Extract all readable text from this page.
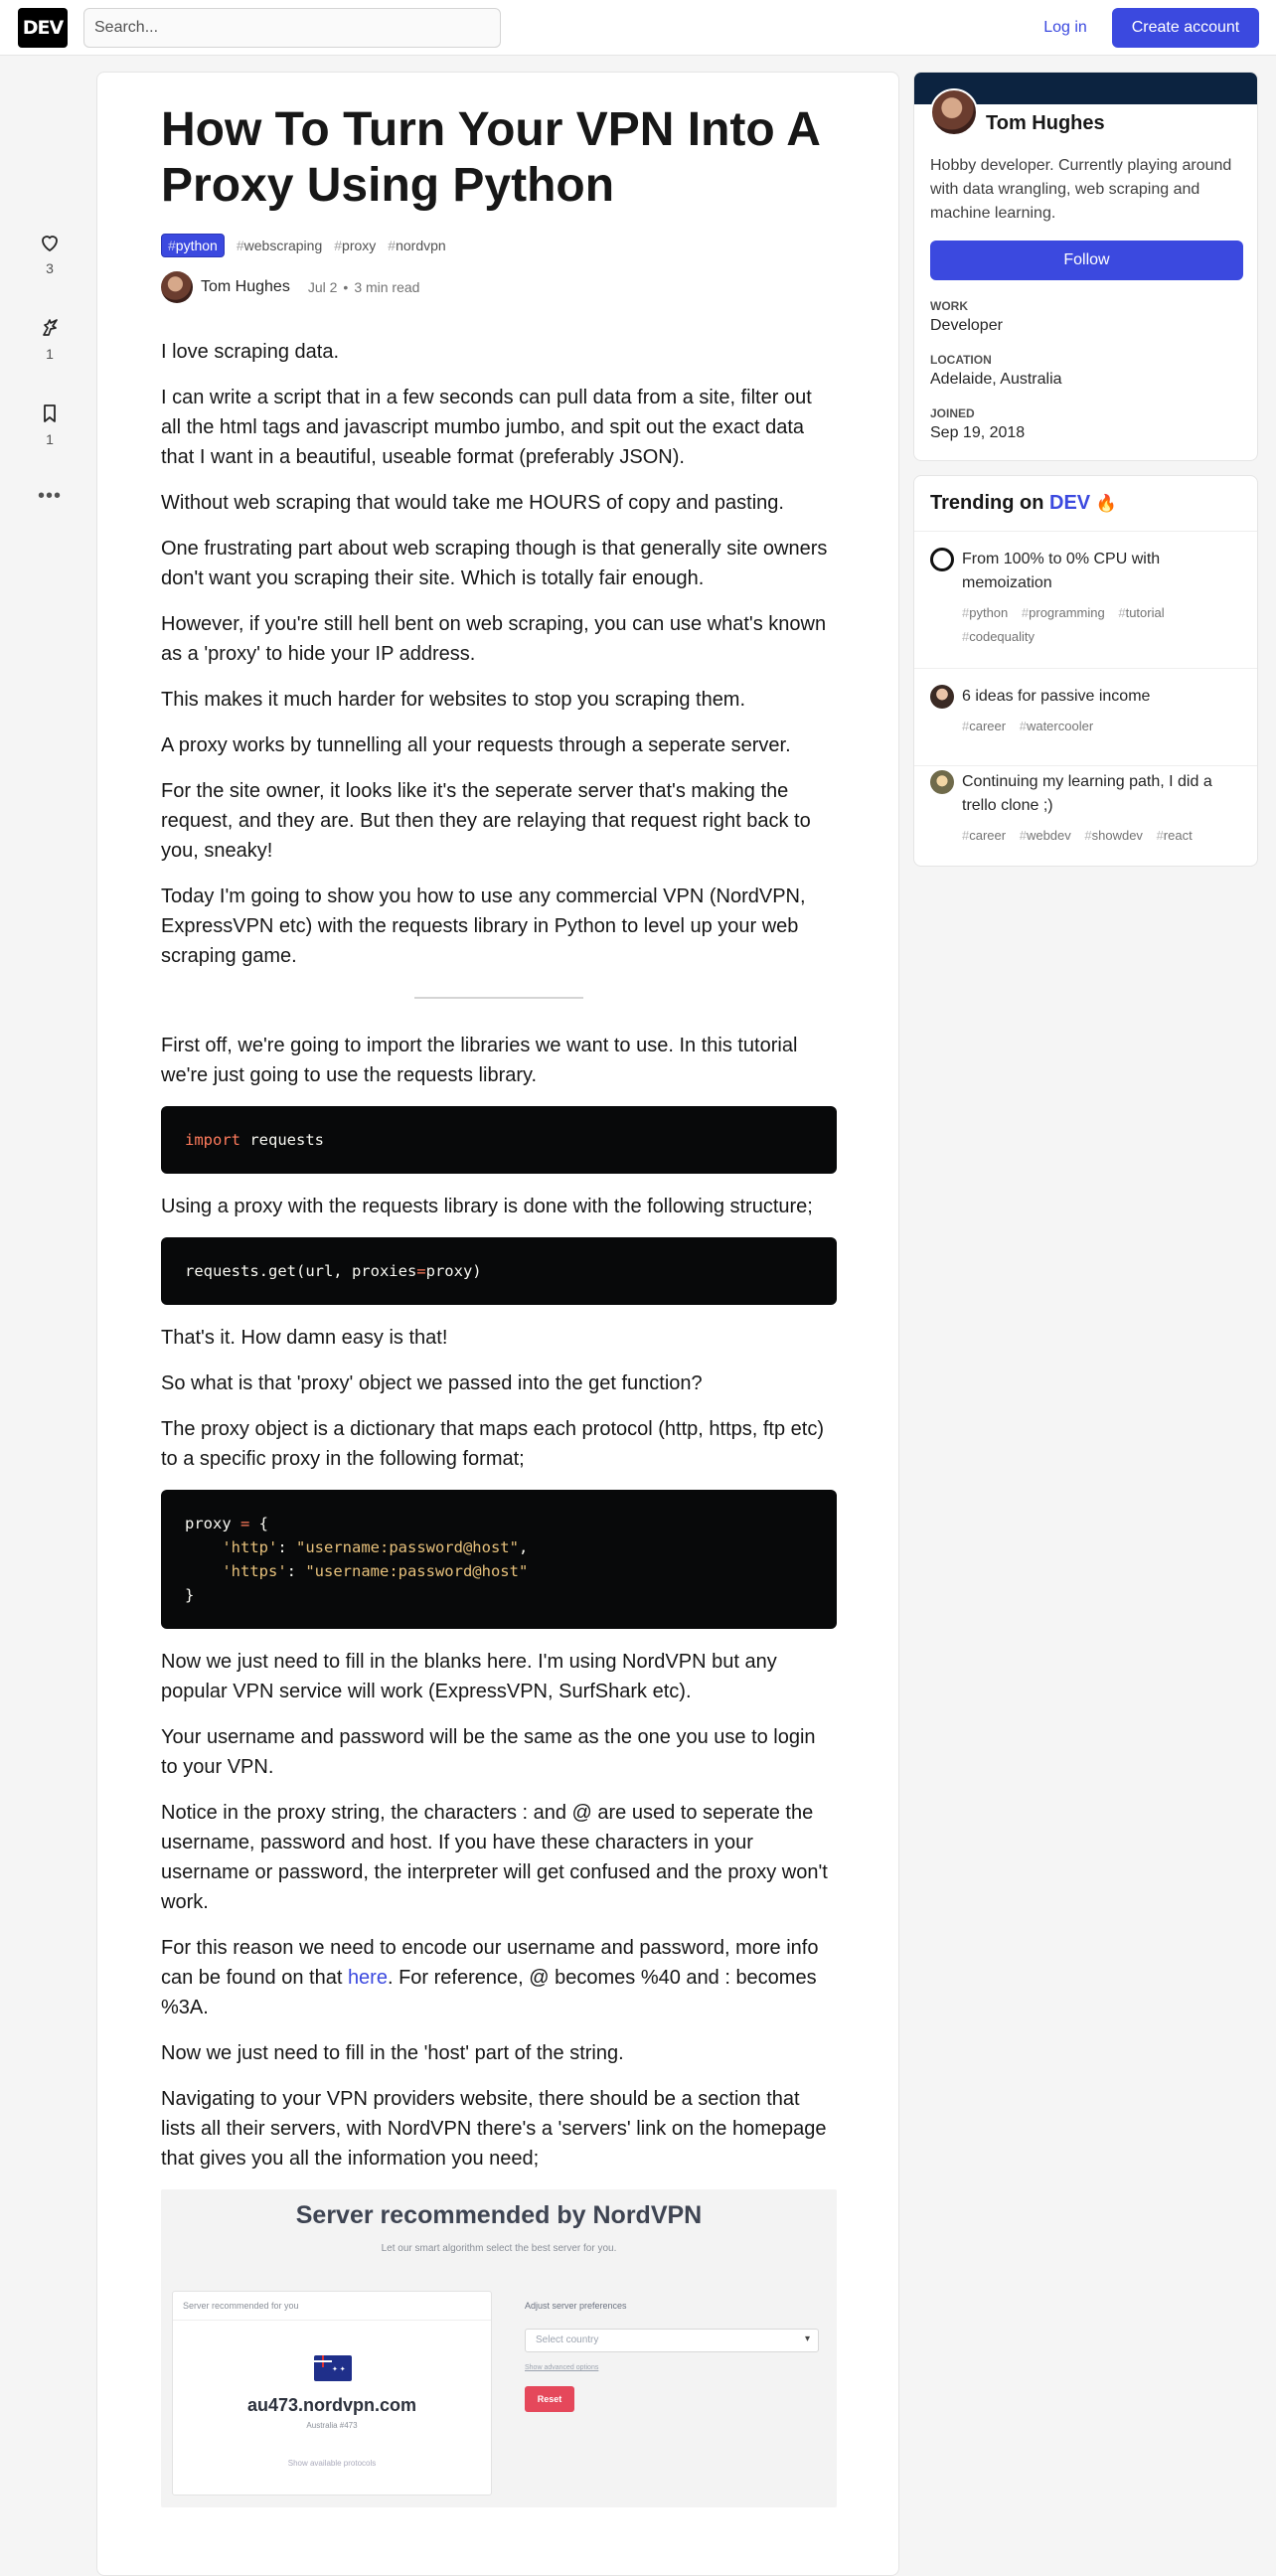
DEV
Search...	Log in	Create account
3
1
1
•••
How To Turn Your VPN Into A Proxy Using Python
#python	#webscraping #proxy #nordvpn
Tom Hughes Jul 2 • 3 min read

I love scraping data.

I can write a script that in a few seconds can pull data from a site, filter out all the html tags and javascript mumbo jumbo, and spit out the exact data that I want in a beautiful, useable format (preferably JSON).

Without web scraping that would take me HOURS of copy and pasting.

One frustrating part about web scraping though is that generally site owners don't want you scraping their site. Which is totally fair enough.

However, if you're still hell bent on web scraping, you can use what's known as a 'proxy' to hide your IP address.

This makes it much harder for websites to stop you scraping them.

A proxy works by tunnelling all your requests through a seperate server.

For the site owner, it looks like it's the seperate server that's making the request, and they are. But then they are relaying that request right back to you, sneaky!

Today I'm going to show you how to use any commercial VPN (NordVPN, ExpressVPN etc) with the requests library in Python to level up your web scraping game.

First off, we're going to import the libraries we want to use. In this tutorial we're just going to use the requests library.

import requests

Using a proxy with the requests library is done with the following structure;

requests.get(url, proxies=proxy)

That's it. How damn easy is that!

So what is that 'proxy' object we passed into the get function?

The proxy object is a dictionary that maps each protocol (http, https, ftp etc) to a specific proxy in the following format;

proxy = {
'http': "username:password@host",
'https': "username:password@host"
}

Now we just need to fill in the blanks here. I'm using NordVPN but any popular VPN service will work (ExpressVPN, SurfShark etc).

Your username and password will be the same as the one you use to login to your VPN.

Notice in the proxy string, the characters : and @ are used to seperate the username, password and host. If you have these characters in your username or password, the interpreter will get confused and the proxy won't work.

For this reason we need to encode our username and password, more info can be found on that here. For reference, @ becomes %40 and : becomes %3A.

Now we just need to fill in the 'host' part of the string.

Navigating to your VPN providers website, there should be a section that lists all their servers, with NordVPN there's a 'servers' link on the homepage that gives you all the information you need;

Server recommended by NordVPN
Let our smart algorithm select the best server for you.
Server recommended for you
✦ ✦
au473.nordvpn.com
Australia #473
Show available protocols
Adjust server preferences
Select country ▾
Show advanced options
Reset
Tom Hughes
Hobby developer. Currently playing around with data wrangling, web scraping and machine learning.
Follow
WORK
Developer
LOCATION
Adelaide, Australia
JOINED
Sep 19, 2018
Trending on DEV 🔥
From 100% to 0% CPU with memoization
#python #programming #tutorial #codequality
6 ideas for passive income
#career #watercooler
Continuing my learning path, I did a trello clone ;)
#career #webdev #showdev #react
